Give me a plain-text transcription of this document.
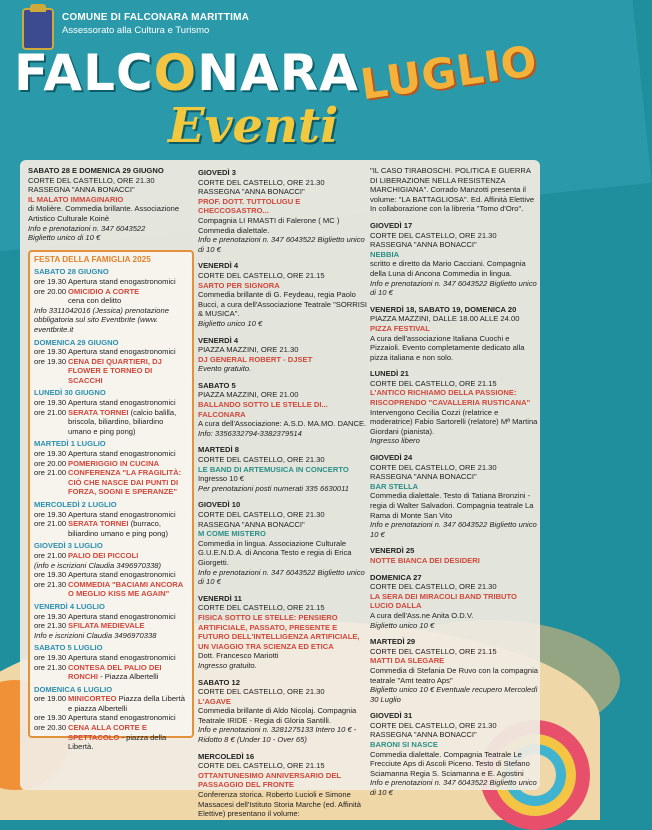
COMUNE DI FALCONARA MARITTIMA
Assessorato alla Cultura e Turismo
FALCONARA
LUGLIO
Eventi
SABATO 28 E DOMENICA 29 GIUGNO
CORTE DEL CASTELLO, ORE 21.30
RASSEGNA "ANNA BONACCI"
IL MALATO IMMAGINARIO
di Molière. Commedia brillante. Associazione Artistico Culturale Koinè
Info e prenotazioni n. 347 6043522
Biglietto unico di 10 €
FESTA DELLA FAMIGLIA 2025
SABATO 28 GIUGNO
ore 19.30 Apertura stand enogastronomici
ore 20.00 OMICIDIO A CORTE
cena con delitto
Info 3311042016 (Jessica) prenotazione obbligatoria sul sito Eventbrite (www. eventbrite.it
DOMENICA 29 GIUGNO
ore 19.30 Apertura stand enogastronomici
ore 19.30 CENA DEI QUARTIERI, DJ FLOWER E TORNEO DI SCACCHI
LUNEDÌ 30 GIUGNO
ore 19.30 Apertura stand enogastronomici
ore 21.00 SERATA TORNEI (calcio balilla, briscola, biliardino, biliardino umano e ping pong)
MARTEDÌ 1 LUGLIO
ore 19.30 Apertura stand enogastronomici
ore 20.00 POMERIGGIO IN CUCINA
ore 21.00 CONFERENZA "LA FRAGILITÀ: CIÒ CHE NASCE DAI PUNTI DI FORZA, SOGNI E SPERANZE"
MERCOLEDÌ 2 LUGLIO
ore 19.30 Apertura stand enogastronomici
ore 21.00 SERATA TORNEI (burraco, biliardino umano e ping pong)
GIOVEDÌ 3 LUGLIO
ore 21.00 PALIO DEI PICCOLI
(info e iscrizioni Claudia 3496970338)
ore 19.30 Apertura stand enogastronomici
ore 21.30 COMMEDIA "BACIAMI ANCORA O MEGLIO KISS ME AGAIN"
VENERDÌ 4 LUGLIO
ore 19.30 Apertura stand enogastronomici
ore 21.30 SFILATA MEDIEVALE
Info e iscrizioni Claudia 3496970338
SABATO 5 LUGLIO
ore 19.30 Apertura stand enogastronomici
ore 21.30 CONTESA DEL PALIO DEI RONCHI - Piazza Albertelli
DOMENICA 6 LUGLIO
ore 19.00 MINICORTEO Piazza della Libertà e piazza Albertelli
ore 19.30 Apertura stand enogastronomici
ore 20.30 CENA ALLA CORTE E SPETTACOLO - piazza della Libertà.
GIOVEDÌ 3
CORTE DEL CASTELLO, ORE 21.30
RASSEGNA "ANNA BONACCI"
PROF. DOTT. TUTTOLUGU E CHECCOSASTRO...
Compagnia LI RMASTI di Falerone ( MC ) Commedia dialettale.
Info e prenotazioni n. 347 6043522 Biglietto unico di 10 €
VENERDÌ 4
CORTE DEL CASTELLO, ORE 21.15
SARTO PER SIGNORA
Commedia brillante di G. Feydeau, regia Paolo Bucci, a cura dell'Associazione Teatrale "SORRISI & MUSICA".
Biglietto unico 10 €
VENERDÌ 4
PIAZZA MAZZINI, ORE 21.30
DJ GENERAL ROBERT - DJSET
Evento gratuito.
SABATO 5
PIAZZA MAZZINI, ORE 21.00
BALLANDO SOTTO LE STELLE DI... FALCONARA
A cura dell'Associazione: A.S.D. MA.MO. DANCE.
Info: 3356332794-3382379514
MARTEDÌ 8
CORTE DEL CASTELLO, ORE 21.30
LE BAND DI ARTEMUSICA IN CONCERTO
Ingresso 10 €
Per prenotazioni posti numerati 335 6630011
GIOVEDÌ 10
CORTE DEL CASTELLO, ORE 21.30
RASSEGNA "ANNA BONACCI"
M COME MISTERO
Commedia in lingua. Associazione Culturale G.U.E.N.D.A. di Ancona Testo e regia di Erica Giorgetti.
Info e prenotazioni n. 347 6043522 Biglietto unico di 10 €
VENERDÌ 11
CORTE DEL CASTELLO, ORE 21.15
FISICA SOTTO LE STELLE: PENSIERO ARTIFICIALE, PASSATO, PRESENTE E FUTURO DELL'INTELLIGENZA ARTIFICIALE, UN VIAGGIO TRA SCIENZA ED ETICA
Dott. Francesco Mariotti
Ingresso gratuito.
SABATO 12
CORTE DEL CASTELLO, ORE 21.30
L'AGAVE
Commedia brillante di Aldo Nicolaj. Compagnia Teatrale IRIDE - Regia di Gloria Santilli.
Info e prenotazioni n. 3281275133 Intero 10 € - Ridotto 8 € (Under 10 - Over 65)
MERCOLEDÌ 16
CORTE DEL CASTELLO, ORE 21.15
OTTANTUNESIMO ANNIVERSARIO DEL PASSAGGIO DEL FRONTE
Conferenza storica. Roberto Lucioli e Simone Massacesi dell'Istituto Storia Marche (ed. Affinità Elettive) presentano il volume:
"IL CASO TIRABOSCHI. POLITICA E GUERRA DI LIBERAZIONE NELLA RESISTENZA MARCHIGIANA". Corrado Manzotti presenta il volume: "LA BATTAGLIOSA". Ed. Affinità Elettive In collaborazione con la libreria "Tomo d'Oro".
GIOVEDÌ 17
CORTE DEL CASTELLO, ORE 21.30
RASSEGNA "ANNA BONACCI"
NEBBIA
scritto e diretto da Mario Cacciani. Compagnia della Luna di Ancona Commedia in lingua.
Info e prenotazioni n. 347 6043522 Biglietto unico di 10 €
VENERDÌ 18, SABATO 19, DOMENICA 20
PIAZZA MAZZINI, DALLE 18.00 ALLE 24.00
PIZZA FESTIVAL
A cura dell'associazione Italiana Cuochi e Pizzaioli. Evento completamente dedicato alla pizza italiana e non solo.
LUNEDÌ 21
CORTE DEL CASTELLO, ORE 21.15
L'ANTICO RICHIAMO DELLA PASSIONE: RISCOPRENDO "CAVALLERIA RUSTICANA"
Intervengono Cecilia Cozzi (relatrice e moderatrice) Fabio Sartorelli (relatore) Mª Martina Giordani (pianista).
Ingresso libero
GIOVEDÌ 24
CORTE DEL CASTELLO, ORE 21.30
RASSEGNA "ANNA BONACCI"
BAR STELLA
Commedia dialettale. Testo di Tatiana Bronzini - regia di Walter Salvadori. Compagnia teatrale La Rama di Monte San Vito
Info e prenotazioni n. 347 6043522 Biglietto unico 10 €
VENERDÌ 25
NOTTE BIANCA DEI DESIDERI
DOMENICA 27
CORTE DEL CASTELLO, ORE 21.30
LA SERA DEI MIRACOLI BAND TRIBUTO LUCIO DALLA
A cura dell'Ass.ne Anita O.D.V.
Biglietto unico 10 €
MARTEDÌ 29
CORTE DEL CASTELLO, ORE 21.15
MATTI DA SLEGARE
Commedia di Stefania De Ruvo con la compagnia teatrale "Amt teatro Aps"
Biglietto unico 10 € Eventuale recupero Mercoledì 30 Luglio
GIOVEDÌ 31
CORTE DEL CASTELLO, ORE 21.30
RASSEGNA "ANNA BONACCI"
BARONI SI NASCE
Commedia dialettale. Compagnia Teatrale Le Frecciute Aps di Ascoli Piceno. Testo di Stefano Sciamanna Regia S. Sciamanna e E. Agostini
Info e prenotazioni n. 347 6043522 Biglietto unico di 10 €
